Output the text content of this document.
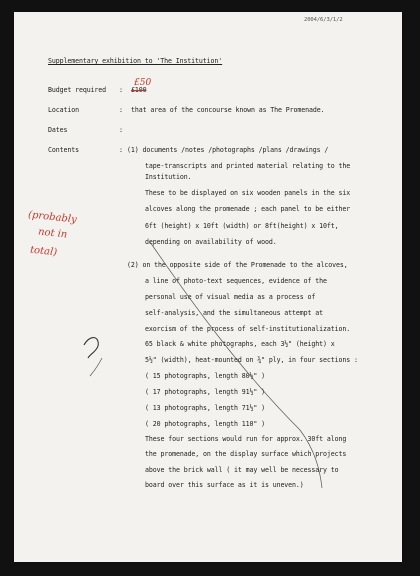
2004/6/3/1/2
Supplementary exhibition to 'The Institution'
£50
Budget required : £100
Location	: that area of the concourse known as The Promenade.
Dates	:
Contents	: (1) documents /notes /photographs /plans /drawings /
tape-transcripts and printed material relating to the
Institution.
These to be displayed on six wooden panels in the six
alcoves along the promenade ; each panel to be either
6ft (height) x 10ft (width) or 8ft(height) x 10ft,
depending on availability of wood.
(2) on the opposite side of the Promenade to the alcoves,
a line of photo-text sequences, evidence of the
personal use of visual media as a process of
self-analysis, and the simultaneous attempt at
exorcism of the process of self-institutionalization.
65 black & white photographs, each 3½" (height) x
5½" (width), heat-mounted on ¾" ply, in four sections :
( 15 photographs, length 80½" )
( 17 photographs, length 91½" )
( 13 photographs, length 71½" )
( 20 photographs, length 110" )
These four sections would run for approx. 30ft along
the promenade, on the display surface which projects
above the brick wall ( it may well be necessary to
board over this surface as it is uneven.)
(probably
not in
total)
